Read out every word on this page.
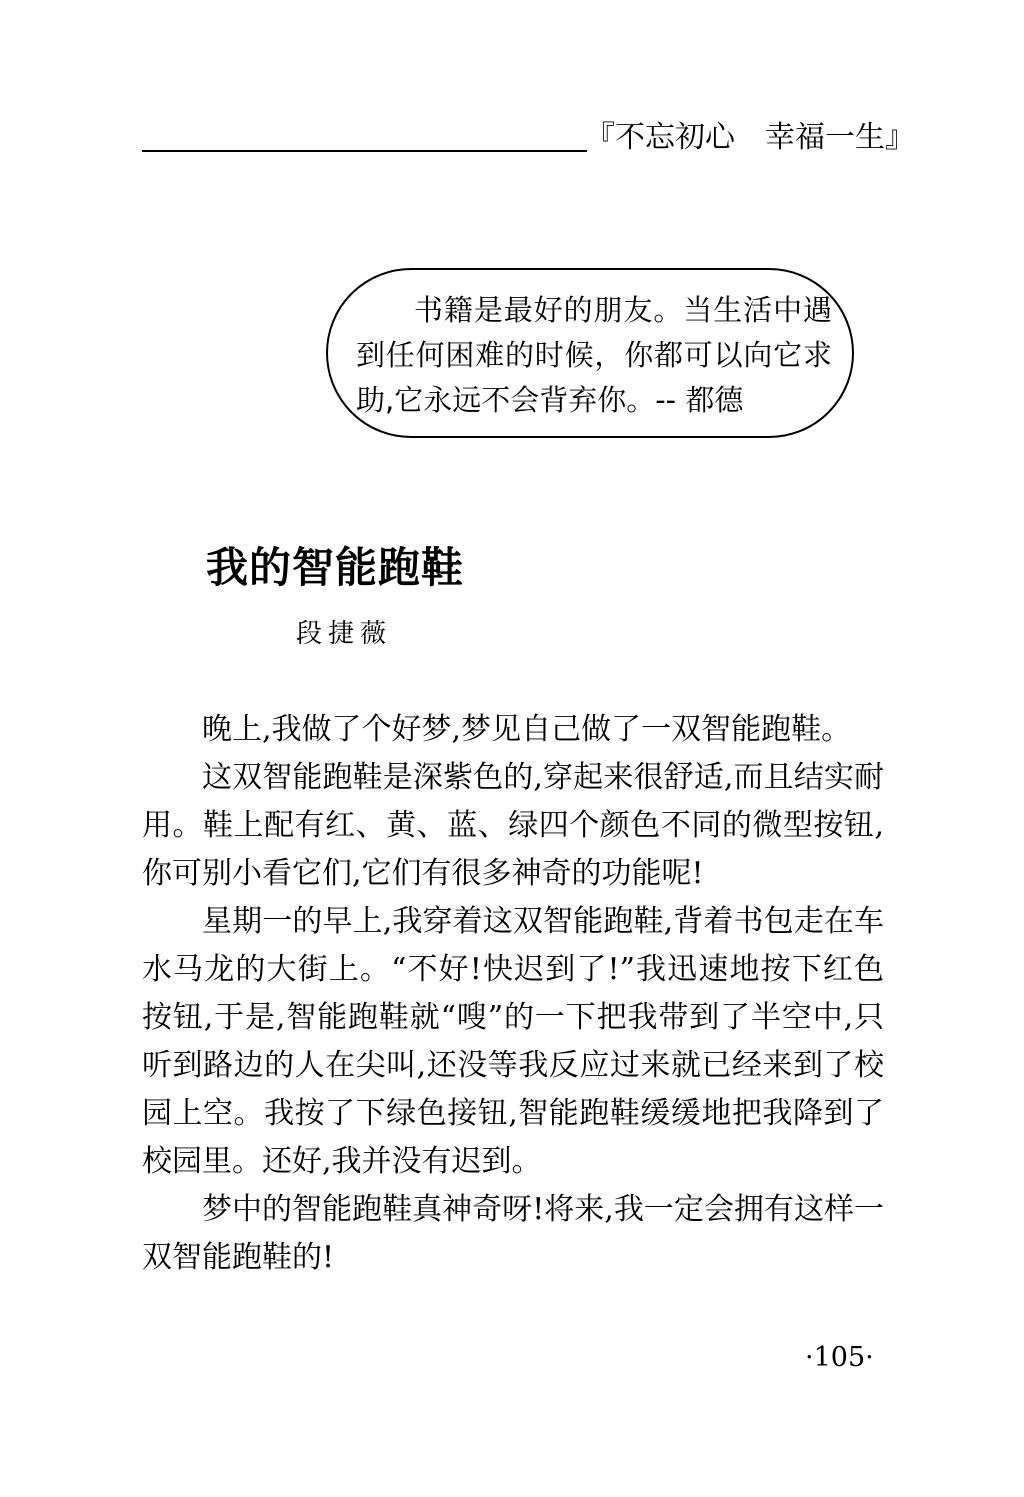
『不忘初心　幸福一生』
书籍是最好的朋友。当生活中遇到任何困难的时候，你都可以向它求助,它永远不会背弃你。-- 都德
我的智能跑鞋
段捷薇

晚上,我做了个好梦,梦见自己做了一双智能跑鞋。

这双智能跑鞋是深紫色的,穿起来很舒适,而且结实耐用。鞋上配有红、黄、蓝、绿四个颜色不同的微型按钮,你可别小看它们,它们有很多神奇的功能呢!

星期一的早上,我穿着这双智能跑鞋,背着书包走在车水马龙的大街上。“不好!快迟到了!”我迅速地按下红色按钮,于是,智能跑鞋就“嗖”的一下把我带到了半空中,只听到路边的人在尖叫,还没等我反应过来就已经来到了校园上空。我按了下绿色接钮,智能跑鞋缓缓地把我降到了校园里。还好,我并没有迟到。

梦中的智能跑鞋真神奇呀!将来,我一定会拥有这样一双智能跑鞋的!

·105·
